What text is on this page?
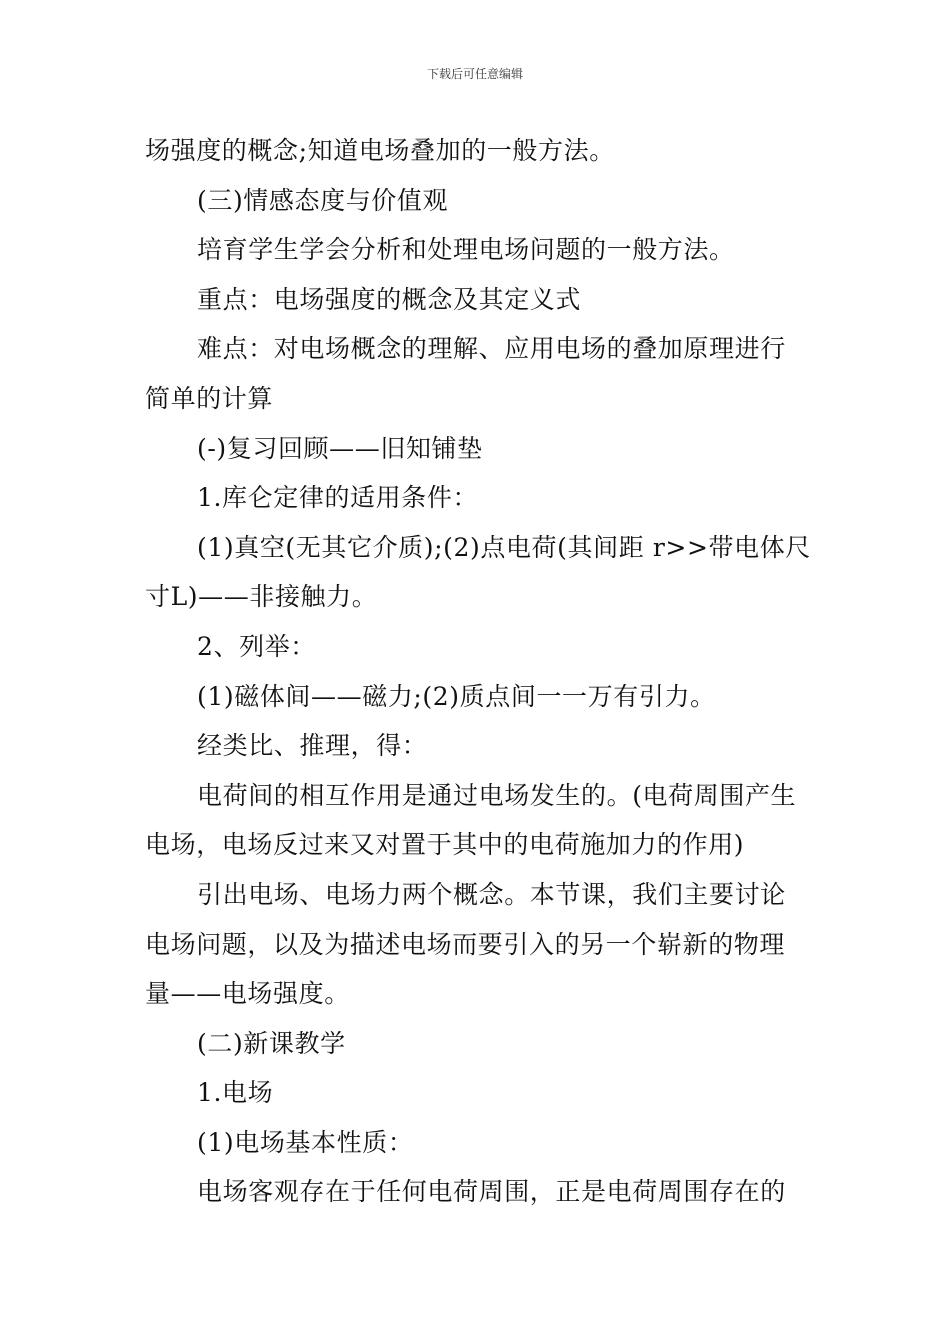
下载后可任意编辑

场强度的概念;知道电场叠加的一般方法。

(三)情感态度与价值观

培育学生学会分析和处理电场问题的一般方法。

重点：电场强度的概念及其定义式

难点：对电场概念的理解、应用电场的叠加原理进行
简单的计算

(-)复习回顾——旧知铺垫

1.库仑定律的适用条件：

(1)真空(无其它介质);(2)点电荷(其间距 r>>带电体尺
寸L)——非接触力。

2、列举：

(1)磁体间——磁力;(2)质点间一一万有引力。

经类比、推理，得：

电荷间的相互作用是通过电场发生的。(电荷周围产生
电场，电场反过来又对置于其中的电荷施加力的作用)

引出电场、电场力两个概念。本节课，我们主要讨论
电场问题，以及为描述电场而要引入的另一个崭新的物理
量——电场强度。

(二)新课教学

1.电场

(1)电场基本性质：

电场客观存在于任何电荷周围，正是电荷周围存在的
